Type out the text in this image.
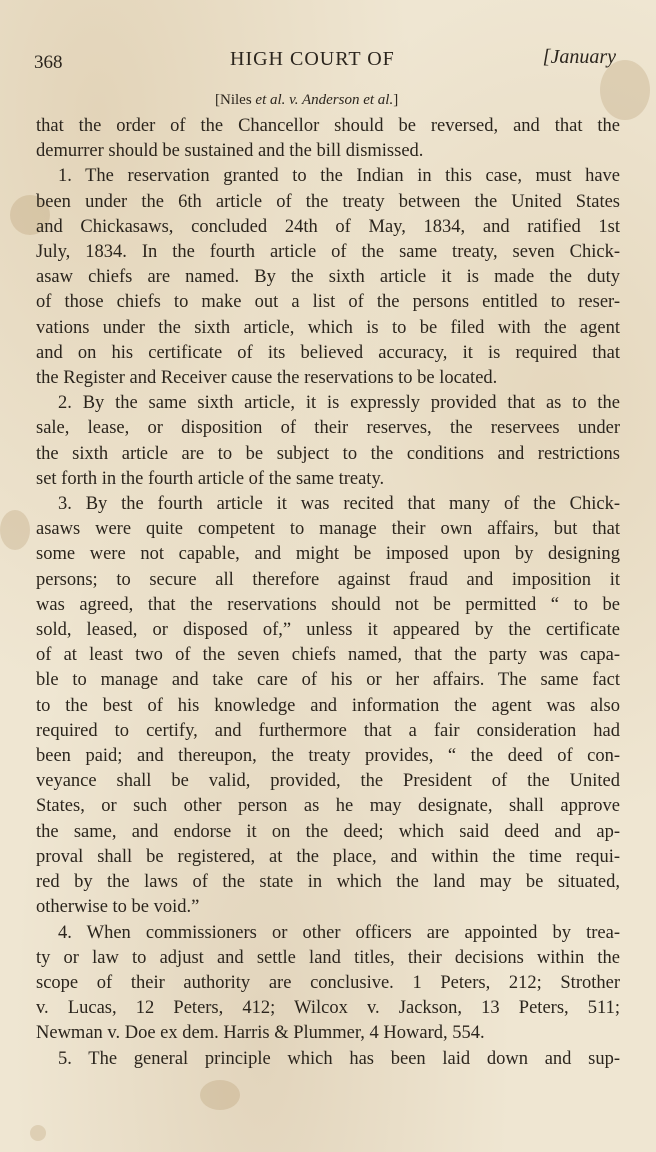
368	HIGH COURT OF	[January
[Niles et al. v. Anderson et al.]
that the order of the Chancellor should be reversed, and that the
demurrer should be sustained and the bill dismissed.
1. The reservation granted to the Indian in this case, must have
been under the 6th article of the treaty between the United States
and Chickasaws, concluded 24th of May, 1834, and ratified 1st
July, 1834. In the fourth article of the same treaty, seven Chick-
asaw chiefs are named. By the sixth article it is made the duty
of those chiefs to make out a list of the persons entitled to reser-
vations under the sixth article, which is to be filed with the agent
and on his certificate of its believed accuracy, it is required that
the Register and Receiver cause the reservations to be located.
2. By the same sixth article, it is expressly provided that as to the
sale, lease, or disposition of their reserves, the reservees under
the sixth article are to be subject to the conditions and restrictions
set forth in the fourth article of the same treaty.
3. By the fourth article it was recited that many of the Chick-
asaws were quite competent to manage their own affairs, but that
some were not capable, and might be imposed upon by designing
persons; to secure all therefore against fraud and imposition it
was agreed, that the reservations should not be permitted “ to be
sold, leased, or disposed of,” unless it appeared by the certificate
of at least two of the seven chiefs named, that the party was capa-
ble to manage and take care of his or her affairs. The same fact
to the best of his knowledge and information the agent was also
required to certify, and furthermore that a fair consideration had
been paid; and thereupon, the treaty provides, “ the deed of con-
veyance shall be valid, provided, the President of the United
States, or such other person as he may designate, shall approve
the same, and endorse it on the deed; which said deed and ap-
proval shall be registered, at the place, and within the time requi-
red by the laws of the state in which the land may be situated,
otherwise to be void.”
4. When commissioners or other officers are appointed by trea-
ty or law to adjust and settle land titles, their decisions within the
scope of their authority are conclusive. 1 Peters, 212; Strother
v. Lucas, 12 Peters, 412; Wilcox v. Jackson, 13 Peters, 511;
Newman v. Doe ex dem. Harris & Plummer, 4 Howard, 554.
5. The general principle which has been laid down and sup-
